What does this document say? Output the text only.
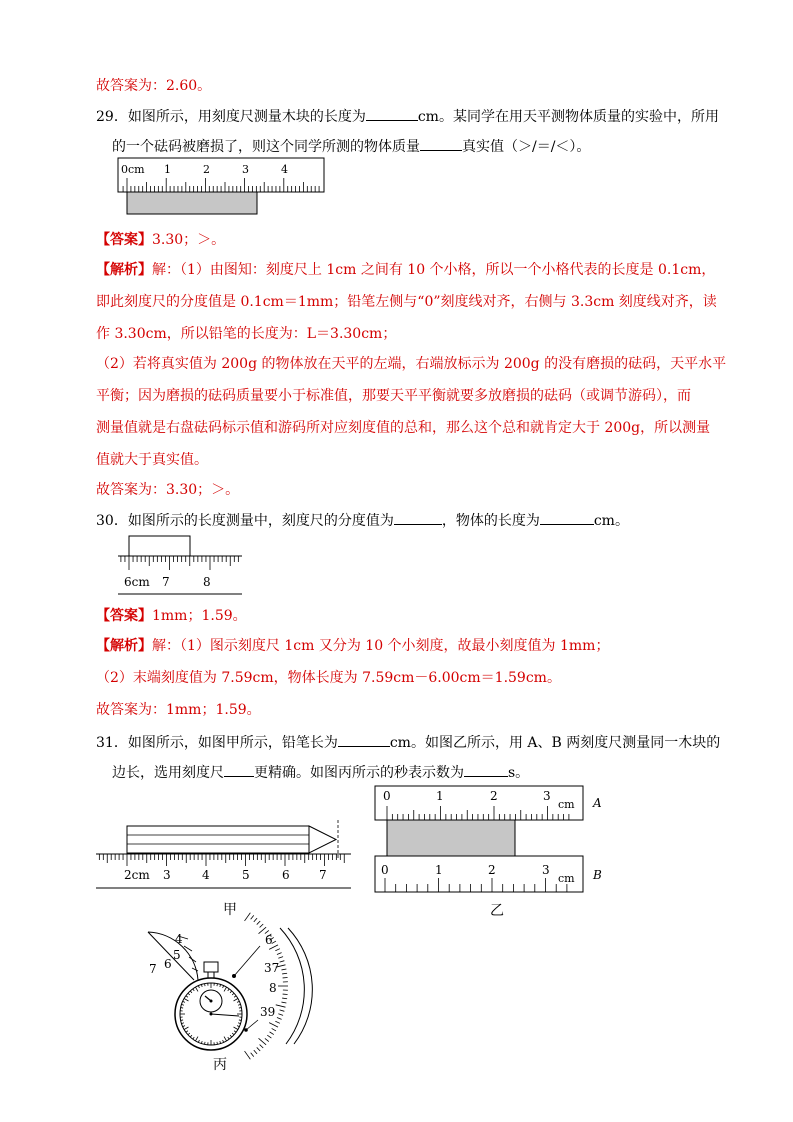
故答案为：2.60。
29．如图所示，用刻度尺测量木块的长度为	cm。某同学在用天平测物体质量的实验中，所用
的一个砝码被磨损了，则这个同学所测的物体质量	真实值（＞/＝/＜）。
0cm 1	2	3	4
【答案】3.30；＞。
【解析】解：（1）由图知：刻度尺上 1cm 之间有 10 个小格，所以一个小格代表的长度是 0.1cm，
即此刻度尺的分度值是 0.1cm＝1mm；铅笔左侧与“0”刻度线对齐，右侧与 3.3cm 刻度线对齐，读
作 3.30cm，所以铅笔的长度为：L＝3.30cm；
（2）若将真实值为 200g 的物体放在天平的左端，右端放标示为 200g 的没有磨损的砝码，天平水平
平衡；因为磨损的砝码质量要小于标准值，那要天平平衡就要多放磨损的砝码（或调节游码），而
测量值就是右盘砝码标示值和游码所对应刻度值的总和，那么这个总和就肯定大于 200g，所以测量
值就大于真实值。
故答案为：3.30；＞。
30．如图所示的长度测量中，刻度尺的分度值为	，物体的长度为	cm。
6cm 7	8
【答案】1mm；1.59。
【解析】解：（1）图示刻度尺 1cm 又分为 10 个小刻度，故最小刻度值为 1mm；
（2）末端刻度值为 7.59cm，物体长度为 7.59cm－6.00cm＝1.59cm。
故答案为：1mm；1.59。
31．如图所示，如图甲所示，铅笔长为	cm。如图乙所示，用 A、B 两刻度尺测量同一木块的
边长，选用刻度尺 更精确。如图丙所示的秒表示数为	s。
2cm 3	4	5	6 7
甲
0	1	2	3
cm A
0	1	2	3
cm B
乙
4
5
6
7
6
37
8
39
丙
